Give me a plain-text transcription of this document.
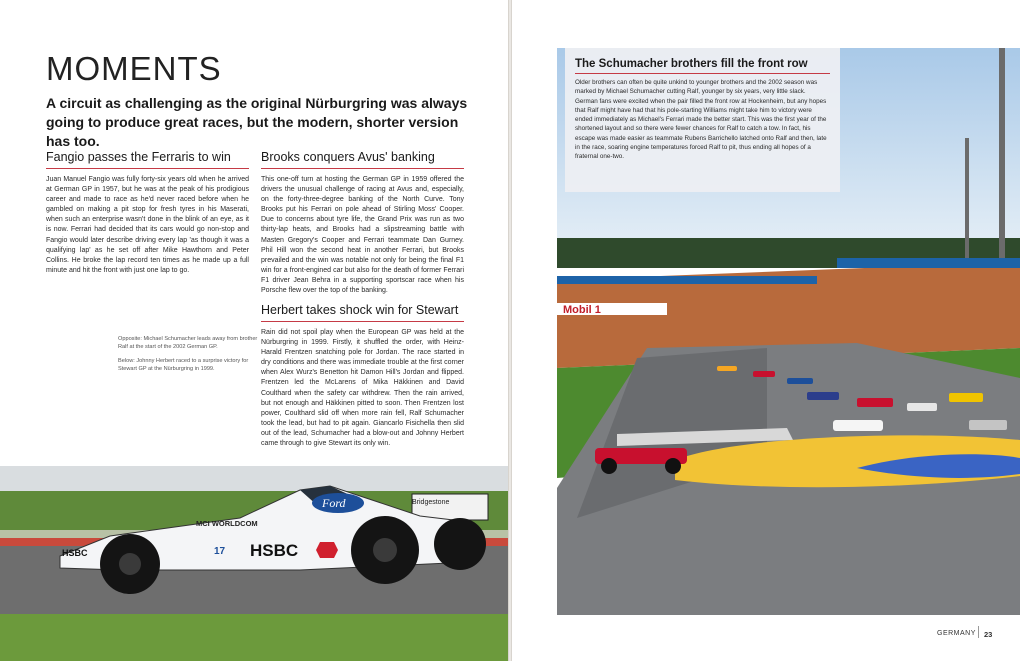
MOMENTS

A circuit as challenging as the original Nürburgring was always going to produce great races, but the modern, shorter version has too.

Fangio passes the Ferraris to win

Juan Manuel Fangio was fully forty-six years old when he arrived at German GP in 1957, but he was at the peak of his prodigious career and made to race as he'd never raced before when he gambled on making a pit stop for fresh tyres in his Maserati, when such an enterprise wasn't done in the blink of an eye, as it is now. Ferrari had decided that its cars would go non-stop and Fangio would later describe driving every lap 'as though it was a qualifying lap' as he set off after Mike Hawthorn and Peter Collins. He broke the lap record ten times as he made up a full minute and hit the front with just one lap to go.

Brooks conquers Avus' banking

This one-off turn at hosting the German GP in 1959 offered the drivers the unusual challenge of racing at Avus and, especially, on the forty-three-degree banking of the North Curve. Tony Brooks put his Ferrari on pole ahead of Stirling Moss' Cooper. Due to concerns about tyre life, the Grand Prix was run as two thirty-lap heats, and Brooks had a slipstreaming battle with Masten Gregory's Cooper and Ferrari teammate Dan Gurney. Phil Hill won the second heat in another Ferrari, but Brooks prevailed and the win was notable not only for being the final F1 win for a front-engined car but also for the death of former Ferrari F1 driver Jean Behra in a supporting sportscar race when his Porsche flew over the top of the banking.

Herbert takes shock win for Stewart

Rain did not spoil play when the European GP was held at the Nürburgring in 1999. Firstly, it shuffled the order, with Heinz-Harald Frentzen snatching pole for Jordan. The race started in dry conditions and there was immediate trouble at the first corner when Alex Wurz's Benetton hit Damon Hill's Jordan and flipped. Frentzen led the McLarens of Mika Häkkinen and David Coulthard when the safety car withdrew. Then the rain arrived, but not enough and Häkkinen pitted to soon. Then Frentzen lost power, Coulthard slid off when more rain fell, Ralf Schumacher took the lead, but had to pit again. Giancarlo Fisichella then slid out of the lead, Schumacher had a blow-out and Johnny Herbert came through to give Stewart its only win.

Opposite: Michael Schumacher leads away from brother Ralf at the start of the 2002 German GP.

Below: Johnny Herbert raced to a surprise victory for Stewart GP at the Nürburgring in 1999.

Ford
HSBC
HSBC
MCI WORLDCOM
Bridgestone
17
Mobil 1
The Schumacher brothers fill the front row

Older brothers can often be quite unkind to younger brothers and the 2002 season was marked by Michael Schumacher cutting Ralf, younger by six years, very little slack. German fans were excited when the pair filled the front row at Hockenheim, but any hopes that Ralf might have had that his pole-starting Williams might take him to victory were ended immediately as Michael's Ferrari made the better start. This was the first year of the shortened layout and so there were fewer chances for Ralf to catch a tow. In fact, his escape was made easier as teammate Rubens Barrichello latched onto Ralf and then, late in the race, soaring engine temperatures forced Ralf to pit, thus ending all hopes of a fraternal one-two.

GERMANY 23
